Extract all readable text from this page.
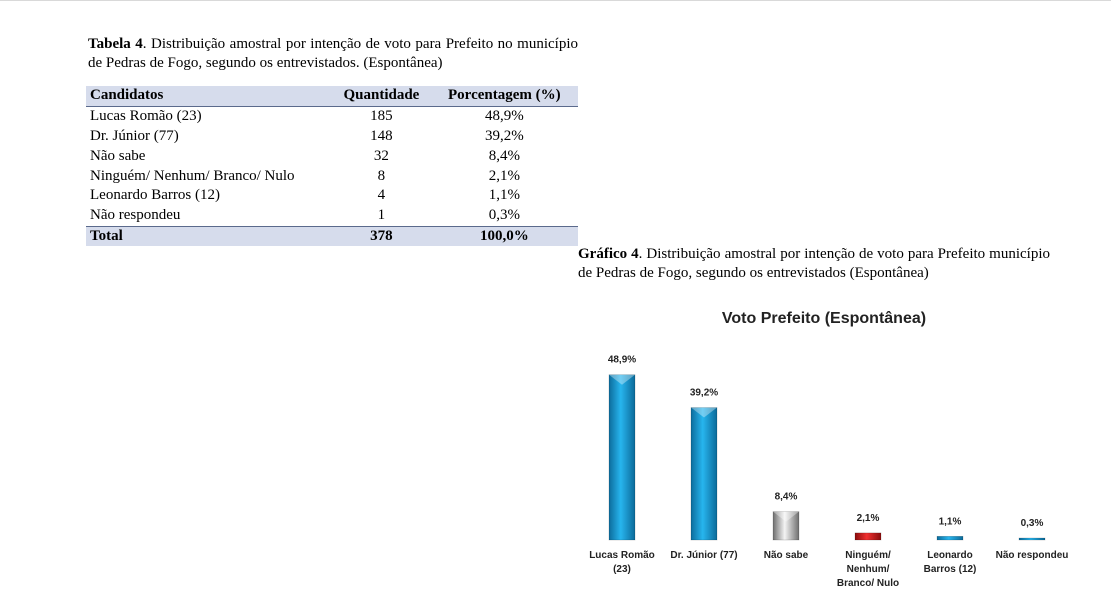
Tabela 4. Distribuição amostral por intenção de voto para Prefeito no município de Pedras de Fogo, segundo os entrevistados. (Espontânea)
Candidatos	Quantidade	Porcentagem (%)
Lucas Romão (23)	185	48,9%
Dr. Júnior (77)	148	39,2%
Não sabe	32	8,4%
Ninguém/ Nenhum/ Branco/ Nulo	8	2,1%
Leonardo Barros (12)	4	1,1%
Não respondeu	1	0,3%
Total	378	100,0%
Gráfico 4. Distribuição amostral por intenção de voto para Prefeito município de Pedras de Fogo, segundo os entrevistados (Espontânea)
Voto Prefeito (Espontânea)
48,9%
Lucas Romão (23)
39,2%
Dr. Júnior (77)
8,4%
Não sabe
2,1%
Ninguém/ Nenhum/ Branco/ Nulo
1,1%
Leonardo Barros (12)
0,3%
Não respondeu
